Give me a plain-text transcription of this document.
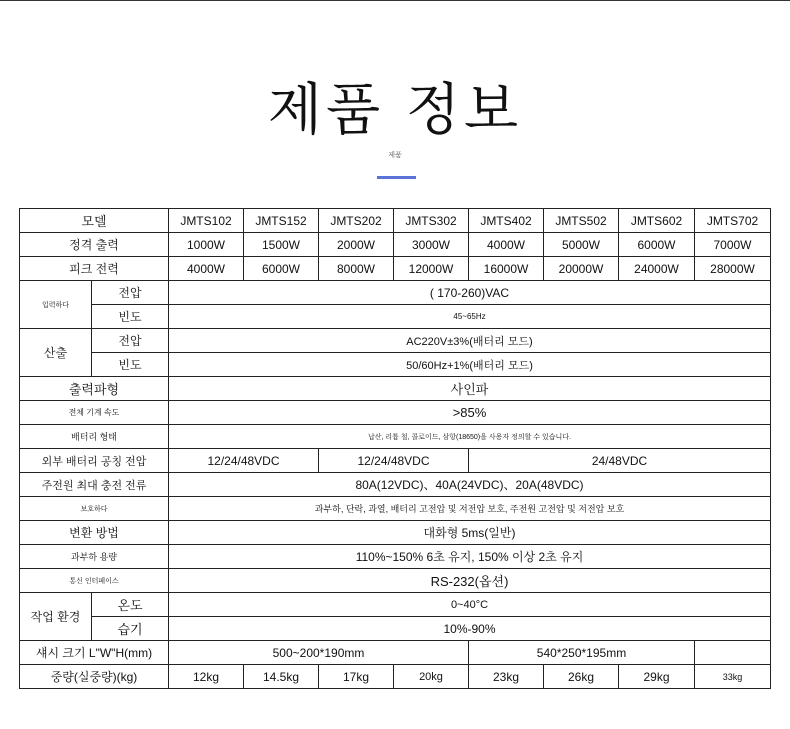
제품 정보
제품
모델		JMTS102	JMTS152	JMTS202	JMTS302	JMTS402	JMTS502	JMTS602	JMTS702
정격 출력		1000W	1500W	2000W	3000W	4000W	5000W	6000W	7000W
피크 전력		4000W	6000W	8000W	12000W	16000W	20000W	24000W	28000W
입력하다	전압	( 170-260)VAC							
	빈도	45~65Hz							
산출	전압	AC220V±3%(배터리 모드)							
	빈도	50/60Hz+1%(배터리 모드)							
출력파형		사인파							
전체 기계 속도		>85%							
배터리 형태		납산, 리튬 철, 콜로이드, 삼항(18650)을 사용자 정의할 수 있습니다.							
외부 배터리 공칭 전압		12/24/48VDC		12/24/48VDC		24/48VDC			
주전원 최대 충전 전류		80A(12VDC)、40A(24VDC)、20A(48VDC)							
보호하다		과부하, 단락, 과열, 배터리 고전압 및 저전압 보호, 주전원 고전압 및 저전압 보호							
변환 방법		대화형 5ms(일반)							
과부하 용량		110%~150% 6초 유지, 150% 이상 2초 유지							
통신 인터페이스		RS-232(옵션)							
작업 환경	온도	0~40°C							
	습기	10%-90%							
섀시 크기 L"W"H(mm)		500~200*190mm				540*250*195mm			
중량(실중량)(kg)		12kg	14.5kg	17kg	20kg	23kg	26kg	29kg	33kg
